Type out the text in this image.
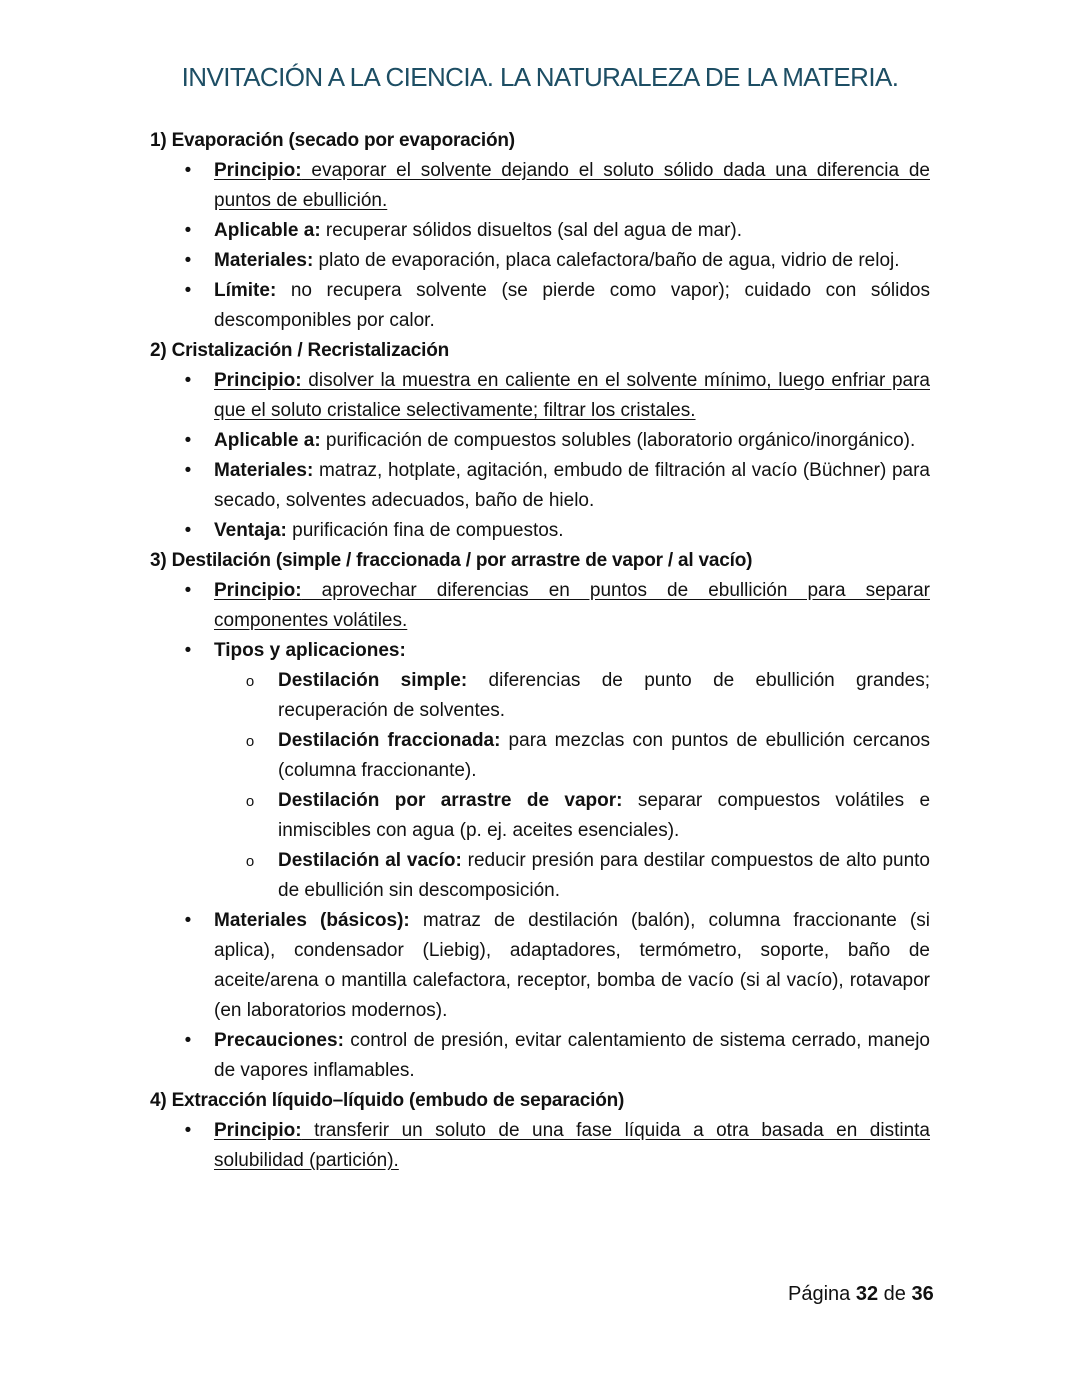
INVITACIÓN A LA CIENCIA. LA NATURALEZA DE LA MATERIA.
1) Evaporación (secado por evaporación)
• Principio: evaporar el solvente dejando el soluto sólido dada una diferencia de puntos de ebullición.
• Aplicable a: recuperar sólidos disueltos (sal del agua de mar).
• Materiales: plato de evaporación, placa calefactora/baño de agua, vidrio de reloj.
• Límite: no recupera solvente (se pierde como vapor); cuidado con sólidos descomponibles por calor.
2) Cristalización / Recristalización
• Principio: disolver la muestra en caliente en el solvente mínimo, luego enfriar para que el soluto cristalice selectivamente; filtrar los cristales.
• Aplicable a: purificación de compuestos solubles (laboratorio orgánico/inorgánico).
• Materiales: matraz, hotplate, agitación, embudo de filtración al vacío (Büchner) para secado, solventes adecuados, baño de hielo.
• Ventaja: purificación fina de compuestos.
3) Destilación (simple / fraccionada / por arrastre de vapor / al vacío)
• Principio: aprovechar diferencias en puntos de ebullición para separar componentes volátiles.
• Tipos y aplicaciones:
o Destilación simple: diferencias de punto de ebullición grandes; recuperación de solventes.
o Destilación fraccionada: para mezclas con puntos de ebullición cercanos (columna fraccionante).
o Destilación por arrastre de vapor: separar compuestos volátiles e inmiscibles con agua (p. ej. aceites esenciales).
o Destilación al vacío: reducir presión para destilar compuestos de alto punto de ebullición sin descomposición.
• Materiales (básicos): matraz de destilación (balón), columna fraccionante (si aplica), condensador (Liebig), adaptadores, termómetro, soporte, baño de aceite/arena o mantilla calefactora, receptor, bomba de vacío (si al vacío), rotavapor (en laboratorios modernos).
• Precauciones: control de presión, evitar calentamiento de sistema cerrado, manejo de vapores inflamables.
4) Extracción líquido–líquido (embudo de separación)
• Principio: transferir un soluto de una fase líquida a otra basada en distinta solubilidad (partición).
Página 32 de 36
